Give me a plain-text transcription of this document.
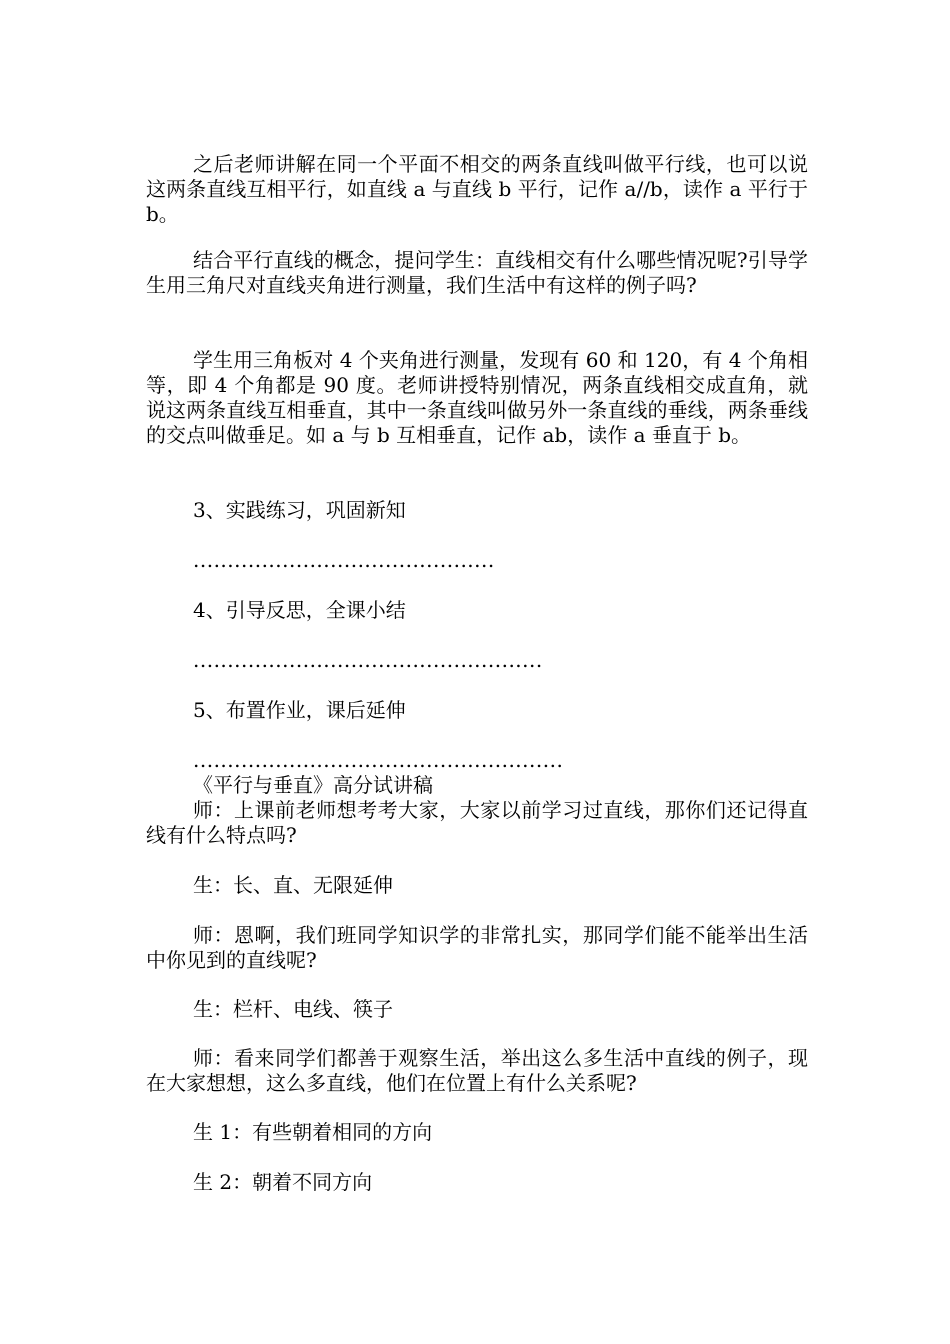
之后老师讲解在同一个平面不相交的两条直线叫做平行线，也可以说这两条直线互相平行，如直线 a 与直线 b 平行，记作 a//b，读作 a 平行于 b。

结合平行直线的概念，提问学生：直线相交有什么哪些情况呢?引导学生用三角尺对直线夹角进行测量，我们生活中有这样的例子吗?

学生用三角板对 4 个夹角进行测量，发现有 60 和 120，有 4 个角相等，即 4 个角都是 90 度。老师讲授特别情况，两条直线相交成直角，就说这两条直线互相垂直，其中一条直线叫做另外一条直线的垂线，两条垂线的交点叫做垂足。如 a 与 b 互相垂直，记作 ab，读作 a 垂直于 b。

3、实践练习，巩固新知

............................................

4、引导反思，全课小结

...................................................

5、布置作业，课后延伸

......................................................

《平行与垂直》高分试讲稿

师：上课前老师想考考大家，大家以前学习过直线，那你们还记得直线有什么特点吗?

生：长、直、无限延伸

师：恩啊，我们班同学知识学的非常扎实，那同学们能不能举出生活中你见到的直线呢?

生：栏杆、电线、筷子

师：看来同学们都善于观察生活，举出这么多生活中直线的例子，现在大家想想，这么多直线，他们在位置上有什么关系呢?

生 1：有些朝着相同的方向

生 2：朝着不同方向
